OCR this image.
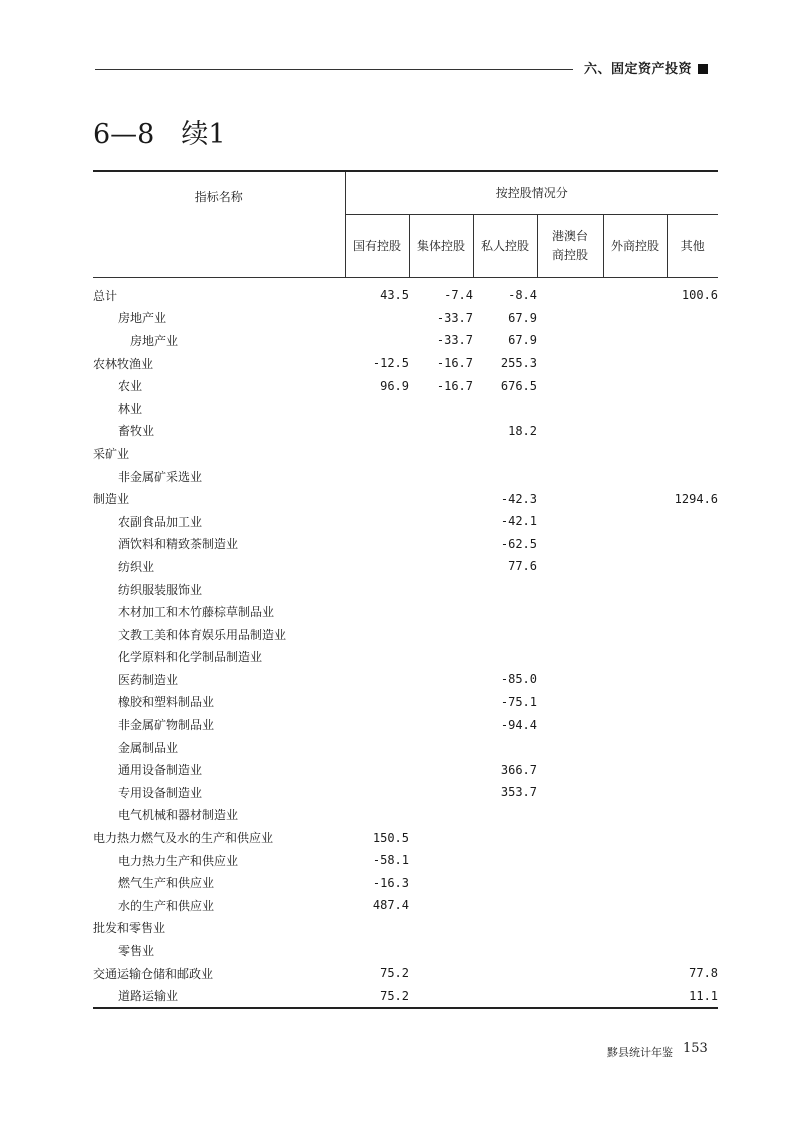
六、固定资产投资
6—8　续1
指标名称	按控股情况分					

	国有控股	集体控股	私人控股	港澳台商控股	外商控股	其他
总计	43.5	-7.4	-8.4			100.6
房地产业		-33.7	67.9			
房地产业		-33.7	67.9			
农林牧渔业	-12.5	-16.7	255.3			
农业	96.9	-16.7	676.5			
林业						
畜牧业			18.2			
采矿业						
非金属矿采选业						
制造业			-42.3			1294.6
农副食品加工业			-42.1			
酒饮料和精致茶制造业			-62.5			
纺织业			77.6			
纺织服装服饰业						
木材加工和木竹藤棕草制品业						
文教工美和体育娱乐用品制造业						
化学原料和化学制品制造业						
医药制造业			-85.0			
橡胶和塑料制品业			-75.1			
非金属矿物制品业			-94.4			
金属制品业						
通用设备制造业			366.7			
专用设备制造业			353.7			
电气机械和器材制造业						
电力热力燃气及水的生产和供应业	150.5					
电力热力生产和供应业	-58.1					
燃气生产和供应业	-16.3					
水的生产和供应业	487.4					
批发和零售业						
零售业						
交通运输仓储和邮政业	75.2					77.8
道路运输业	75.2					11.1
黟县统计年鉴 153
